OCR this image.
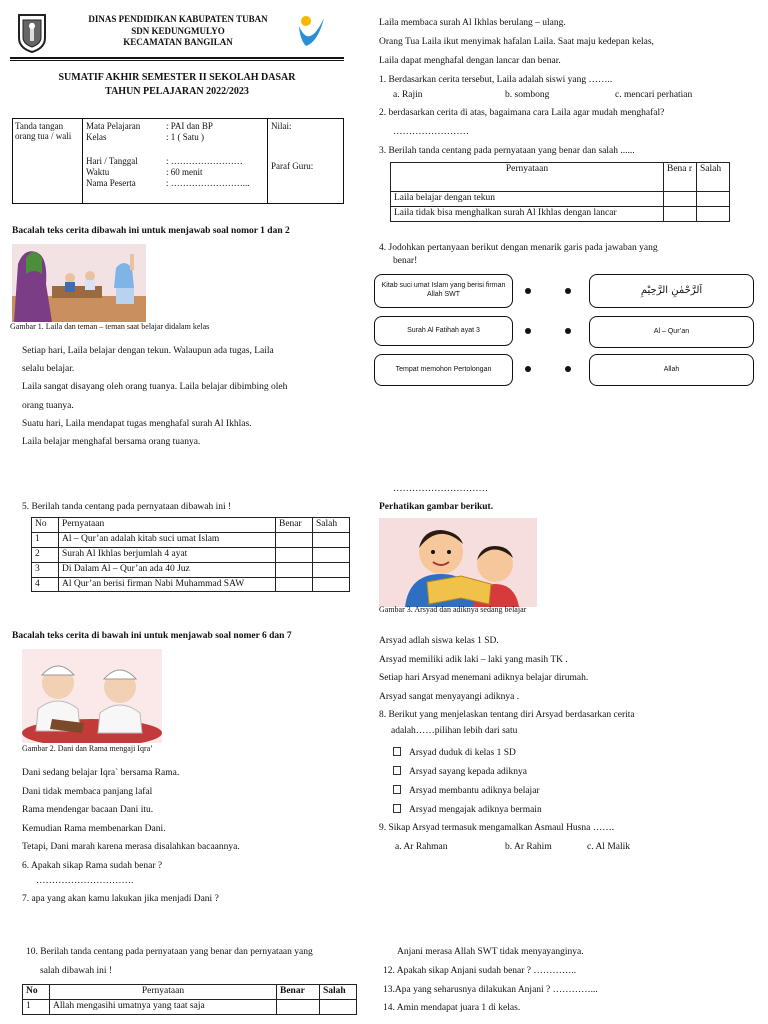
DINAS PENDIDIKAN KABUPATEN TUBAN
SDN KEDUNGMULYO
KECAMATAN BANGILAN
SUMATIF AKHIR SEMESTER II SEKOLAH DASAR
TAHUN PELAJARAN 2022/2023
Tanda tangan orang tua / wali
Mata Pelajaran	: PAI dan BP
Kelas	: 1 ( Satu )
Hari / Tanggal	: ……………………
Waktu	: 60 menit
Nama Peserta	: ……………………...
Nilai:
Paraf Guru:
Bacalah teks cerita dibawah ini untuk menjawab soal nomor 1 dan 2
Gambar 1. Laila dan teman – teman saat belajar didalam kelas
Setiap hari, Laila belajar dengan tekun. Walaupun ada tugas, Laila
selalu belajar.
Laila sangat disayang oleh orang tuanya. Laila belajar dibimbing oleh
orang tuanya.
Suatu hari, Laila mendapat tugas menghafal surah Al Ikhlas.
Laila belajar menghafal bersama orang tuanya.
5. Berilah tanda centang pada pernyataan dibawah ini !
No	Pernyataan	Benar	Salah
1	Al – Qur’an adalah kitab suci umat Islam		
2	Surah Al Ikhlas berjumlah 4 ayat		
3	Di Dalam Al – Qur’an ada 40 Juz		
4	Al Qur’an berisi firman Nabi Muhammad SAW		
Bacalah teks cerita di bawah ini untuk menjawab soal nomer 6 dan 7
Gambar 2. Dani dan Rama mengaji Iqra’
Dani sedang belajar Iqra` bersama Rama.
Dani tidak membaca panjang lafal
Rama mendengar bacaan Dani itu.
Kemudian Rama membenarkan Dani.
Tetapi, Dani marah karena merasa disalahkan bacaannya.
6. Apakah sikap Rama sudah benar ?
………………………….
7. apa yang akan kamu lakukan jika menjadi Dani ?
10. Berilah tanda centang pada pernyataan yang benar dan pernyataan yang
salah dibawah ini !
No	Pernyataan	Benar	Salah
1	Allah mengasihi umatnya yang taat saja		
Laila membaca surah Al Ikhlas berulang – ulang.
Orang Tua Laila ikut menyimak hafalan Laila. Saat maju kedepan kelas,
Laila dapat menghafal dengan lancar dan benar.
1. Berdasarkan cerita tersebut, Laila adalah siswi yang ……..
a. Rajin	b. sombong	c. mencari perhatian
2. berdasarkan cerita di atas, bagaimana cara Laila agar mudah menghafal?
……………………
3. Berilah tanda centang pada pernyataan yang benar dan salah ......
Pernyataan	Bena r	Salah
Laila belajar dengan tekun		
Laila tidak bisa menghalkan surah Al Ikhlas dengan lancar		
4. Jodohkan pertanyaan berikut dengan menarik garis pada jawaban yang
benar!
Kitab suci umat Islam yang berisi firman Allah SWT
Surah Al Fatihah ayat 3
Tempat memohon Pertolongan
اَلرَّحْمٰنِ الرَّحِيْمِ
Al – Qur’an
Allah
…………………………
Perhatikan gambar berikut.
Gambar 3. Arsyad dan adiknya sedang belajar
Arsyad adlah siswa kelas 1 SD.
Arsyad memiliki adik laki – laki yang masih TK .
Setiap hari Arsyad menemani adiknya belajar dirumah.
Arsyad sangat menyayangi adiknya .
8. Berikut yang menjelaskan tentang diri Arsyad berdasarkan cerita
adalah……pilihan lebih dari satu
Arsyad duduk di kelas 1 SD
Arsyad sayang kepada adiknya
Arsyad membantu adiknya belajar
Arsyad mengajak adiknya bermain
9. Sikap Arsyad termasuk mengamalkan Asmaul Husna …….
a. Ar Rahman	b. Ar Rahim	c. Al Malik
Anjani merasa Allah SWT tidak menyayanginya.
12. Apakah sikap Anjani sudah benar ? …………..
13.Apa yang seharusnya dilakukan Anjani ? …………...
14. Amin mendapat juara 1 di kelas.
